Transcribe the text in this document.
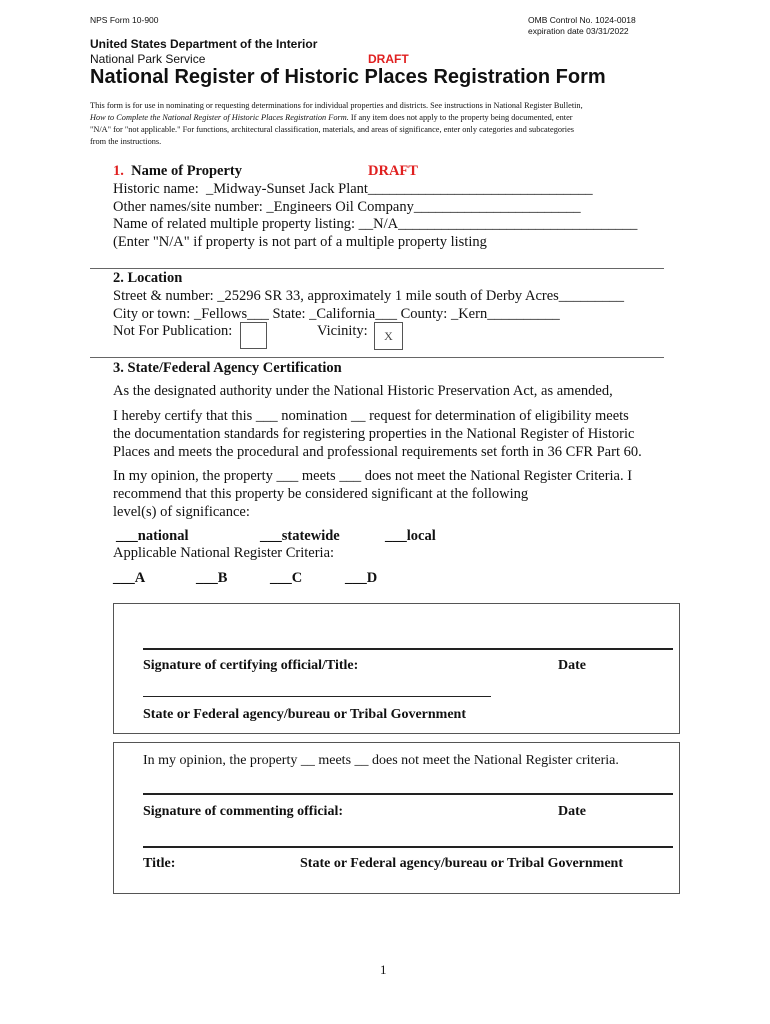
NPS Form 10-900	OMB Control No. 1024-0018
expiration date 03/31/2022
United States Department of the Interior
National Park Service	DRAFT
National Register of Historic Places Registration Form
This form is for use in nominating or requesting determinations for individual properties and districts. See instructions in National Register Bulletin,
How to Complete the National Register of Historic Places Registration Form. If any item does not apply to the property being documented, enter
"N/A" for "not applicable." For functions, architectural classification, materials, and areas of significance, enter only categories and subcategories
from the instructions.
1. Name of Property	DRAFT
Historic name: _Midway-Sunset Jack Plant_______________________________
Other names/site number: _Engineers Oil Company_______________________
Name of related multiple property listing: __N/A_________________________________
(Enter "N/A" if property is not part of a multiple property listing
2. Location
Street & number: _25296 SR 33, approximately 1 mile south of Derby Acres_________
City or town: _Fellows___ State: _California___ County: _Kern__________
Not For Publication:	Vicinity:	X
3. State/Federal Agency Certification
As the designated authority under the National Historic Preservation Act, as amended,
I hereby certify that this ___ nomination __ request for determination of eligibility meets
the documentation standards for registering properties in the National Register of Historic
Places and meets the procedural and professional requirements set forth in 36 CFR Part 60.
In my opinion, the property ___ meets ___ does not meet the National Register Criteria. I
recommend that this property be considered significant at the following
level(s) of significance:
___national	___statewide	___local
Applicable National Register Criteria:
___A	___B	___C	___D
Signature of certifying official/Title:	Date
State or Federal agency/bureau or Tribal Government
In my opinion, the property __ meets __ does not meet the National Register criteria.
Signature of commenting official:	Date
Title:	State or Federal agency/bureau or Tribal Government
1
